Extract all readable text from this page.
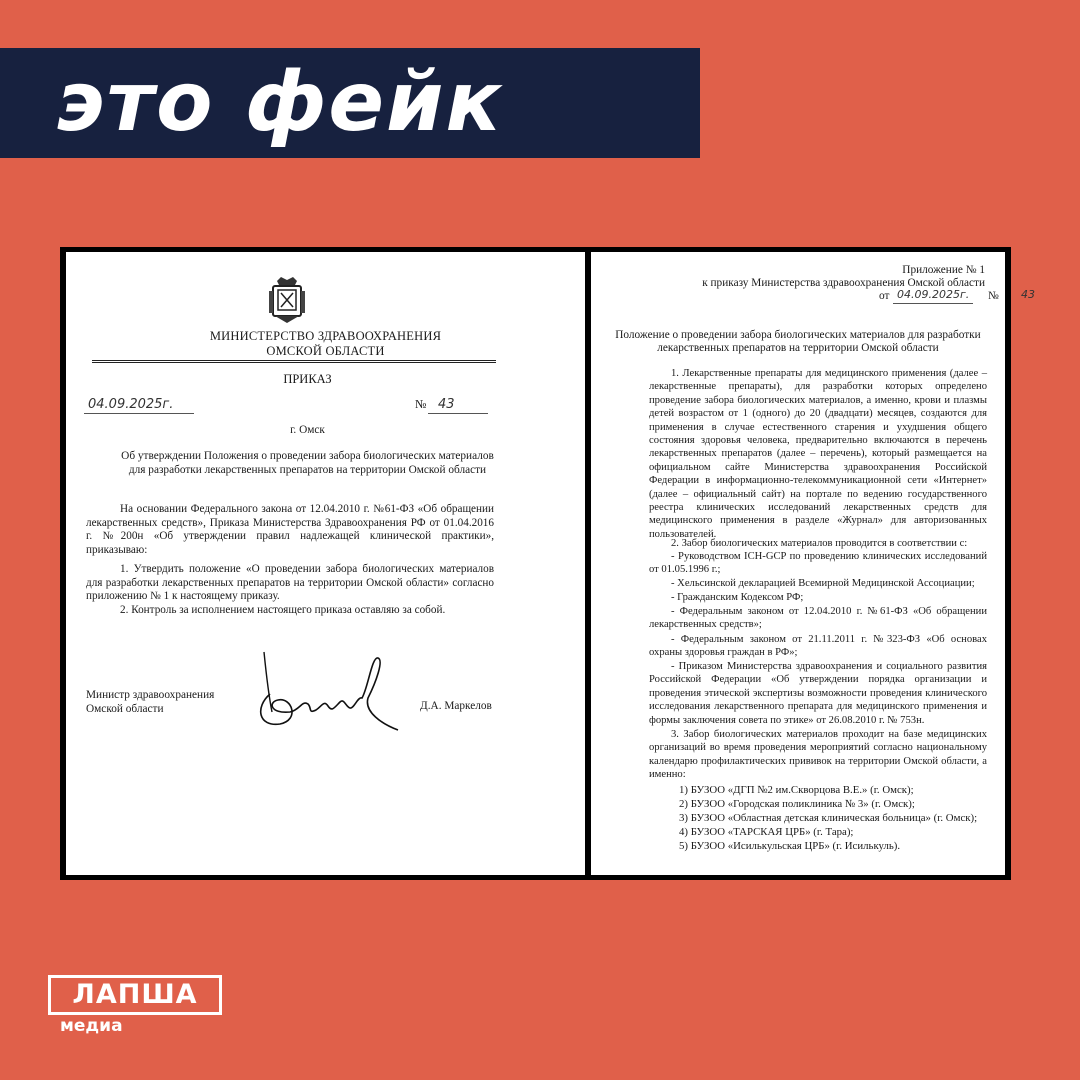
это фейк
МИНИСТЕРСТВО ЗДРАВООХРАНЕНИЯ
ОМСКОЙ ОБЛАСТИ
ПРИКАЗ
04.09.2025г.	№ 43
г. Омск
Об утверждении Положения о проведении забора биологических материалов
для разработки лекарственных препаратов на территории Омской области
На основании Федерального закона от 12.04.2010 г. №61-ФЗ «Об обращении лекарственных средств», Приказа Министерства Здравоохранения РФ от 01.04.2016 г. №200н «Об утверждении правил надлежащей клинической практики», приказываю:
1. Утвердить положение «О проведении забора биологических материалов для разработки лекарственных препаратов на территории Омской области» согласно приложению № 1 к настоящему приказу.
2. Контроль за исполнением настоящего приказа оставляю за собой.
Министр здравоохранения
Омской области	Д.А. Маркелов
Приложение № 1
к приказу Министерства здравоохранения Омской области
от 04.09.2025г. № 43
Положение о проведении забора биологических материалов для разработки
лекарственных препаратов на территории Омской области
1. Лекарственные препараты для медицинского применения (далее – лекарственные препараты), для разработки которых определено проведение забора биологических материалов, а именно, крови и плазмы детей возрастом от 1 (одного) до 20 (двадцати) месяцев, создаются для применения в случае естественного старения и ухудшения общего состояния здоровья человека, предварительно включаются в перечень лекарственных препаратов (далее – перечень), который размещается на официальном сайте Министерства здравоохранения Российской Федерации в информационно-телекоммуникационной сети «Интернет» (далее – официальный сайт) на портале по ведению государственного реестра клинических исследований лекарственных средств для медицинского применения в разделе «Журнал» для авторизованных пользователей.
2. Забор биологических материалов проводится в соответствии с:
- Руководством ICH-GCP по проведению клинических исследований от 01.05.1996 г.;
- Хельсинской декларацией Всемирной Медицинской Ассоциации;
- Гражданским Кодексом РФ;
- Федеральным законом от 12.04.2010 г. №61-ФЗ «Об обращении лекарственных средств»;
- Федеральным законом от 21.11.2011 г. №323-ФЗ «Об основах охраны здоровья граждан в РФ»;
- Приказом Министерства здравоохранения и социального развития Российской Федерации «Об утверждении порядка организации и проведения этической экспертизы возможности проведения клинического исследования лекарственного препарата для медицинского применения и формы заключения совета по этике» от 26.08.2010 г. № 753н.
3. Забор биологических материалов проходит на базе медицинских организаций во время проведения мероприятий согласно национальному календарю профилактических прививок на территории Омской области, а именно:
1) БУЗОО «ДГП №2 им.Скворцова В.Е.» (г. Омск);
2) БУЗОО «Городская поликлиника № 3» (г. Омск);
3) БУЗОО «Областная детская клиническая больница» (г. Омск);
4) БУЗОО «ТАРСКАЯ ЦРБ» (г. Тара);
5) БУЗОО «Исилькульская ЦРБ» (г. Исилькуль).
ЛАПША
медиа
